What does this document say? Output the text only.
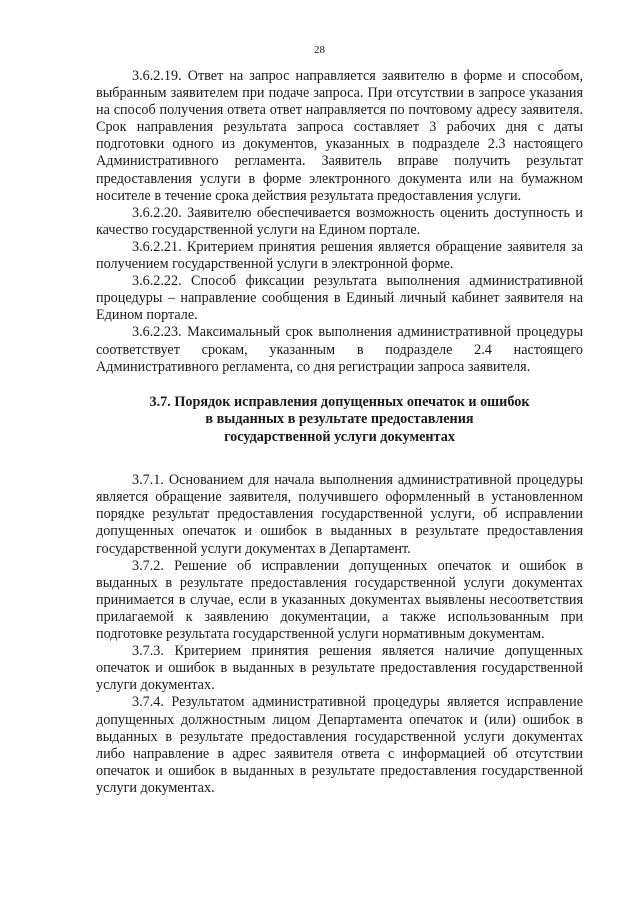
28

3.6.2.19. Ответ на запрос направляется заявителю в форме и способом, выбранным заявителем при подаче запроса. При отсутствии в запросе указания на способ получения ответа ответ направляется по почтовому адресу заявителя. Срок направления результата запроса составляет 3 рабочих дня с даты подготовки одного из документов, указанных в подразделе 2.3 настоящего Административного регламента. Заявитель вправе получить результат предоставления услуги в форме электронного документа или на бумажном носителе в течение срока действия результата предоставления услуги.

3.6.2.20. Заявителю обеспечивается возможность оценить доступность и качество государственной услуги на Едином портале.

3.6.2.21. Критерием принятия решения является обращение заявителя за получением государственной услуги в электронной форме.

3.6.2.22. Способ фиксации результата выполнения административной процедуры – направление сообщения в Единый личный кабинет заявителя на Едином портале.

3.6.2.23. Максимальный срок выполнения административной процедуры соответствует срокам, указанным в подразделе 2.4 настоящего Административного регламента, со дня регистрации запроса заявителя.

3.7. Порядок исправления допущенных опечаток и ошибок
в выданных в результате предоставления
государственной услуги документах

3.7.1. Основанием для начала выполнения административной процедуры является обращение заявителя, получившего оформленный в установленном порядке результат предоставления государственной услуги, об исправлении допущенных опечаток и ошибок в выданных в результате предоставления государственной услуги документах в Департамент.

3.7.2. Решение об исправлении допущенных опечаток и ошибок в выданных в результате предоставления государственной услуги документах принимается в случае, если в указанных документах выявлены несоответствия прилагаемой к заявлению документации, а также использованным при подготовке результата государственной услуги нормативным документам.

3.7.3. Критерием принятия решения является наличие допущенных опечаток и ошибок в выданных в результате предоставления государственной услуги документах.

3.7.4. Результатом административной процедуры является исправление допущенных должностным лицом Департамента опечаток и (или) ошибок в выданных в результате предоставления государственной услуги документах либо направление в адрес заявителя ответа с информацией об отсутствии опечаток и ошибок в выданных в результате предоставления государственной услуги документах.
